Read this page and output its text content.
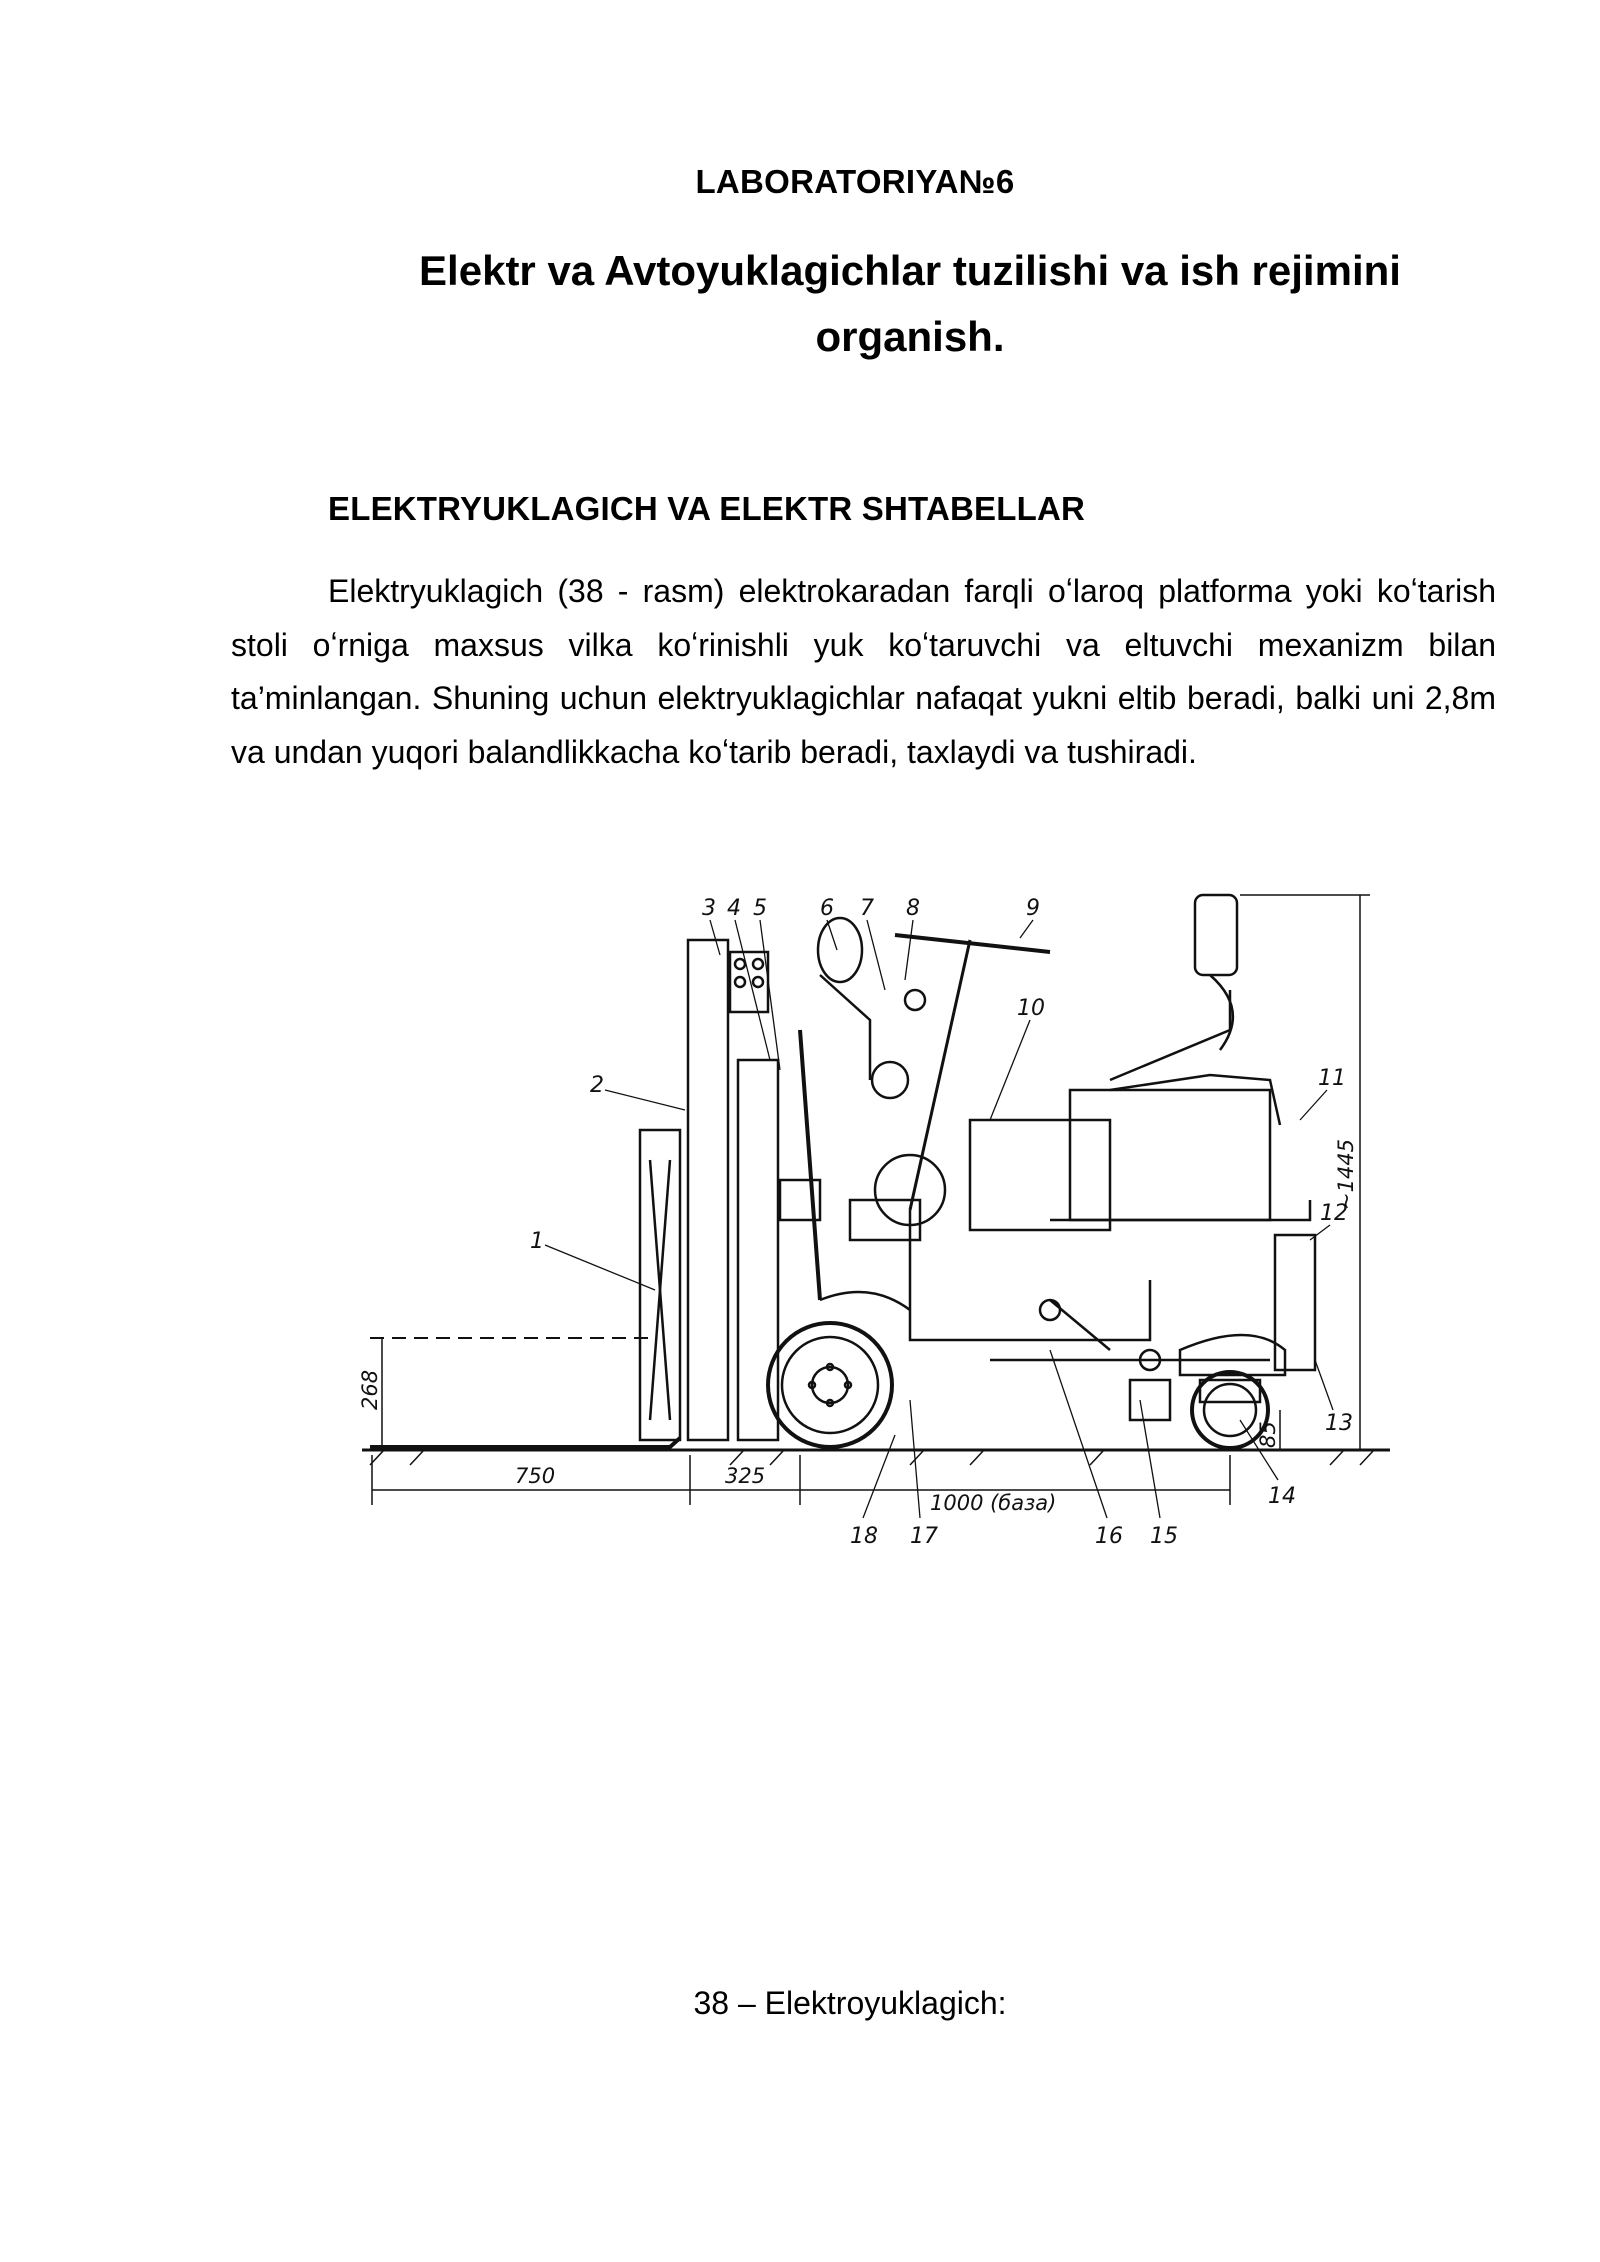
LABORATORIYA№6
Elektr va Avtoyuklagichlar tuzilishi va ish rejimini
organish.
ELEKTRYUKLAGICH VA ELEKTR SHTABELLAR
Elektryuklagich (38 - rasm) elektrokaradan farqli oʻlaroq platforma yoki koʻtarish stoli oʻrniga maxsus vilka koʻrinishli yuk koʻtaruvchi va eltuvchi mexanizm bilan ta’minlangan. Shuning uchun elektryuklagichlar nafaqat yukni eltib beradi, balki uni 2,8m va undan yuqori balandlikkacha koʻtarib beradi, taxlaydi va tushiradi.
1
2
3 4 5 6 7 8	9
10
11
12
13
14
15
16
17
18
750	325
1000 (база)
268
~1445
85
38 – Elektroyuklagich:
